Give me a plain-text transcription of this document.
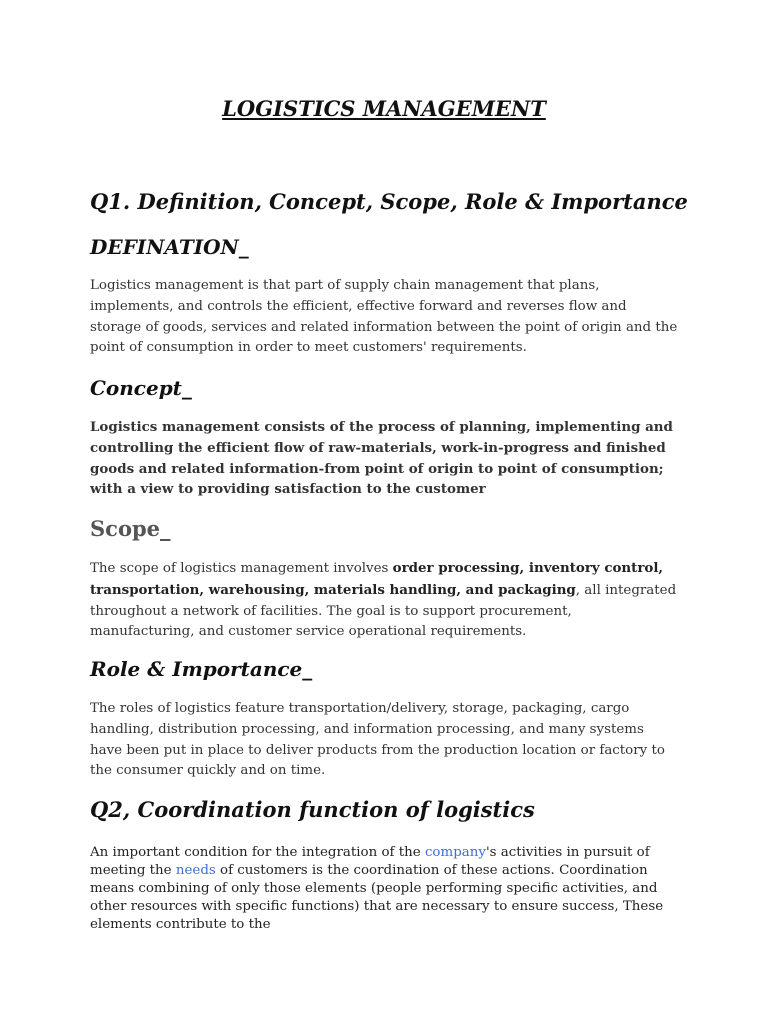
LOGISTICS MANAGEMENT
Q1. Definition, Concept, Scope, Role & Importance
DEFINATION_

Logistics management is that part of supply chain management that plans, implements, and controls the efficient, effective forward and reverses flow and storage of goods, services and related information between the point of origin and the point of consumption in order to meet customers' requirements.

Concept_

Logistics management consists of the process of planning, implementing and controlling the efficient flow of raw-materials, work-in-progress and finished goods and related information-from point of origin to point of consumption; with a view to providing satisfaction to the customer

Scope_

The scope of logistics management involves order processing, inventory control, transportation, warehousing, materials handling, and packaging, all integrated throughout a network of facilities. The goal is to support procurement, manufacturing, and customer service operational requirements.

Role & Importance_

The roles of logistics feature transportation/delivery, storage, packaging, cargo handling, distribution processing, and information processing, and many systems have been put in place to deliver products from the production location or factory to the consumer quickly and on time.

Q2, Coordination function of logistics

An important condition for the integration of the company's activities in pursuit of meeting the needs of customers is the coordination of these actions. Coordination means combining of only those elements (people performing specific activities, and other resources with specific functions) that are necessary to ensure success, These elements contribute to the
